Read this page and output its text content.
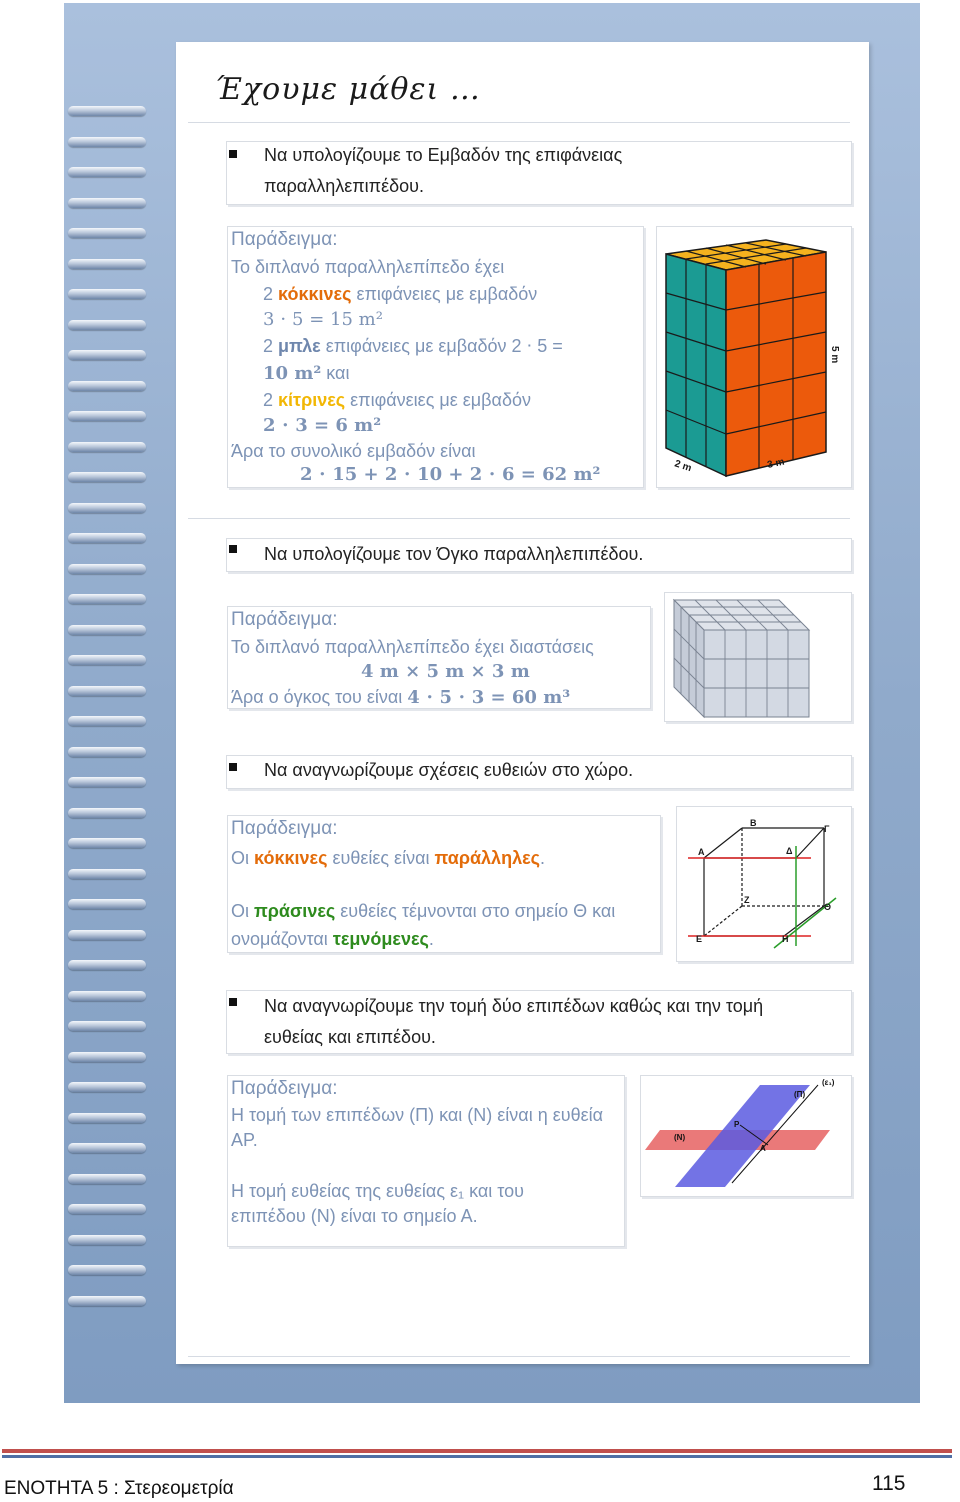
Έχουμε μάθει …
Να υπολογίζουμε το Εμβαδόν της επιφάνειας
παραλληλεπιπέδου.
Παράδειγμα:
Το διπλανό παραλληλεπίπεδο έχει
2 κόκκινες επιφάνειες με εμβαδόν
3 ⋅ 5 = 15 m²
2 μπλε επιφάνειες με εμβαδόν 2 ⋅ 5 =
10 m² και
2 κίτρινες επιφάνειες με εμβαδόν
2 ⋅ 3 = 6 m²
Άρα το συνολικό εμβαδόν είναι
2 ⋅ 15 + 2 ⋅ 10 + 2 ⋅ 6 = 62 m²
5 m
2 m	3 m
Να υπολογίζουμε τον Όγκο παραλληλεπιπέδου.
Παράδειγμα:
Το διπλανό παραλληλεπίπεδο έχει διαστάσεις
4 m × 5 m × 3 m
Άρα ο όγκος του είναι 4 ⋅ 5 ⋅ 3 = 60 m³
Να αναγνωρίζουμε σχέσεις ευθειών στο χώρο.
Παράδειγμα:
Οι κόκκινες ευθείες είναι παράλληλες.
Οι πράσινες ευθείες τέμνονται στο σημείο Θ και
ονομάζονται τεμνόμενες.
Β
Γ
Α	Δ
Ζ
Θ
Ε	Η
Να αναγνωρίζουμε την τομή δύο επιπέδων καθώς και την τομή
ευθείας και επιπέδου.
Παράδειγμα:
Η τομή των επιπέδων (Π) και (Ν) είναι η ευθεία
ΑΡ.
Η τομή ευθείας της ευθείας ε₁ και του
επιπέδου (Ν) είναι το σημείο Α.
(ε₁)
(Π)
(Ν)
Ρ
Α
ΕΝΟΤΗΤΑ 5 : Στερεομετρία	115
